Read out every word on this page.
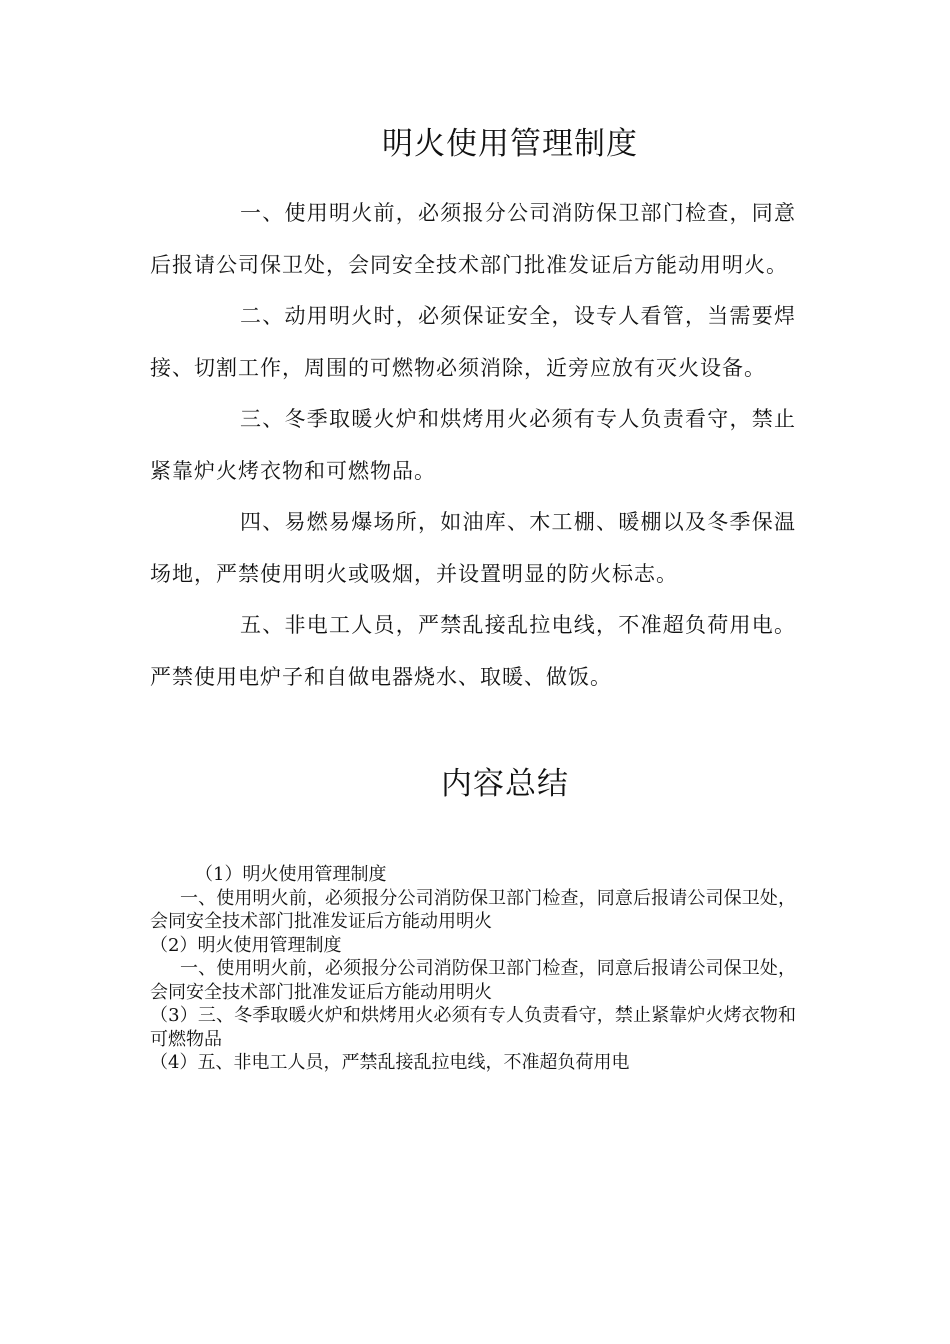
明火使用管理制度

一、使用明火前，必须报分公司消防保卫部门检查，同意后报请公司保卫处，会同安全技术部门批准发证后方能动用明火。

二、动用明火时，必须保证安全，设专人看管，当需要焊接、切割工作，周围的可燃物必须消除，近旁应放有灭火设备。

三、冬季取暖火炉和烘烤用火必须有专人负责看守，禁止紧靠炉火烤衣物和可燃物品。

四、易燃易爆场所，如油库、木工棚、暖棚以及冬季保温场地，严禁使用明火或吸烟，并设置明显的防火标志。

五、非电工人员，严禁乱接乱拉电线，不准超负荷用电。严禁使用电炉子和自做电器烧水、取暖、做饭。

内容总结

（1）明火使用管理制度

一、使用明火前，必须报分公司消防保卫部门检查，同意后报请公司保卫处，会同安全技术部门批准发证后方能动用明火

（2）明火使用管理制度

一、使用明火前，必须报分公司消防保卫部门检查，同意后报请公司保卫处，会同安全技术部门批准发证后方能动用明火

（3）三、冬季取暖火炉和烘烤用火必须有专人负责看守，禁止紧靠炉火烤衣物和可燃物品

（4）五、非电工人员，严禁乱接乱拉电线，不准超负荷用电
